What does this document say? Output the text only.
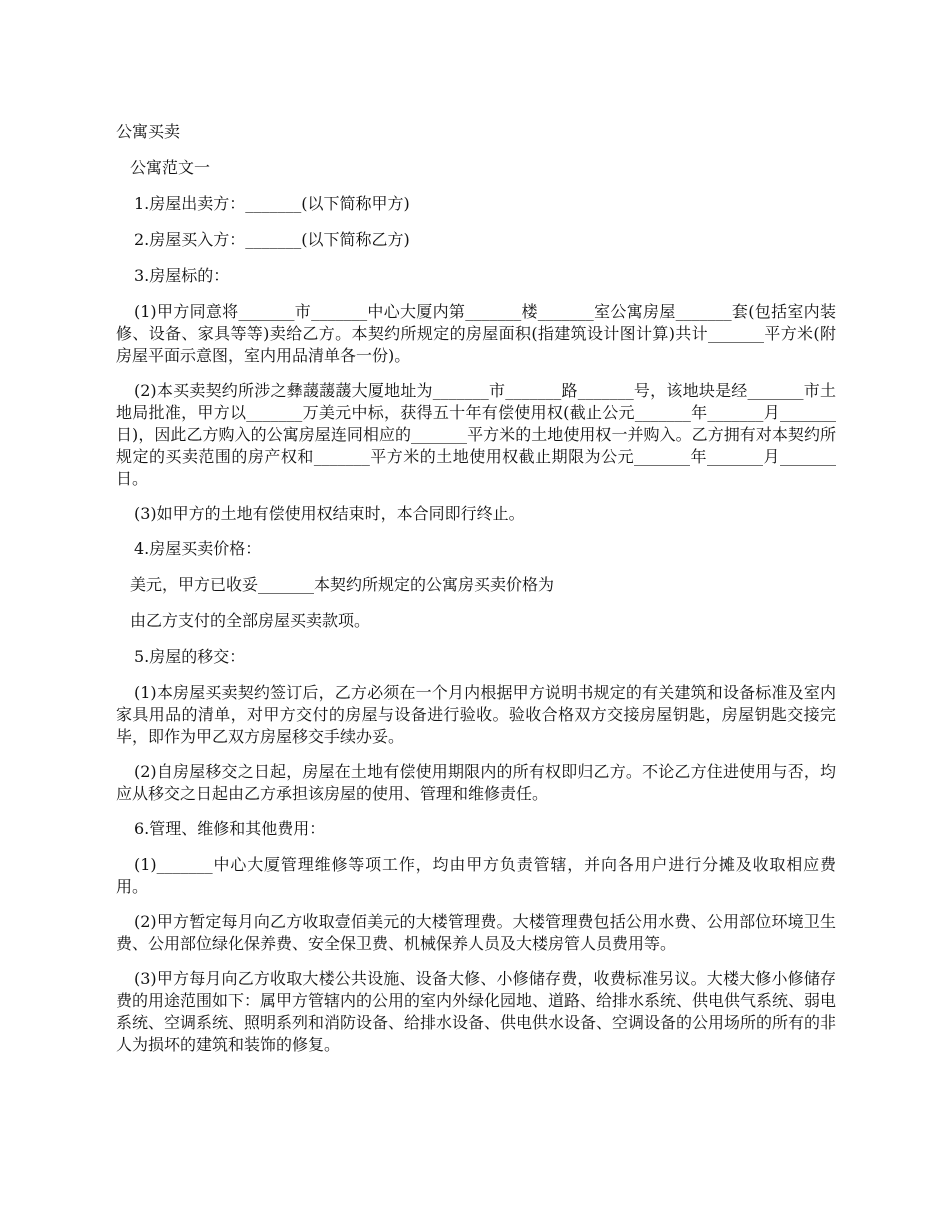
公寓买卖

公寓范文一

1.房屋出卖方：_______(以下简称甲方)

2.房屋买入方：_______(以下简称乙方)

3.房屋标的：

(1)甲方同意将_______市_______中心大厦内第_______楼_______室公寓房屋_______套(包括室内装修、设备、家具等等)卖给乙方。本契约所规定的房屋面积(指建筑设计图计算)共计_______平方米(附房屋平面示意图，室内用品清单各一份)。

(2)本买卖契约所涉之彝蘐蘐蘐大厦地址为_______市_______路_______号，该地块是经_______市土地局批准，甲方以_______万美元中标，获得五十年有偿使用权(截止公元_______年_______月_______日)，因此乙方购入的公寓房屋连同相应的_______平方米的土地使用权一并购入。乙方拥有对本契约所规定的买卖范围的房产权和_______平方米的土地使用权截止期限为公元_______年_______月_______日。

(3)如甲方的土地有偿使用权结束时，本合同即行终止。

4.房屋买卖价格：

美元，甲方已收妥_______本契约所规定的公寓房买卖价格为

由乙方支付的全部房屋买卖款项。

5.房屋的移交：

(1)本房屋买卖契约签订后，乙方必须在一个月内根据甲方说明书规定的有关建筑和设备标准及室内家具用品的清单，对甲方交付的房屋与设备进行验收。验收合格双方交接房屋钥匙，房屋钥匙交接完毕，即作为甲乙双方房屋移交手续办妥。

(2)自房屋移交之日起，房屋在土地有偿使用期限内的所有权即归乙方。不论乙方住进使用与否，均应从移交之日起由乙方承担该房屋的使用、管理和维修责任。

6.管理、维修和其他费用：

(1)_______中心大厦管理维修等项工作，均由甲方负责管辖，并向各用户进行分摊及收取相应费用。

(2)甲方暂定每月向乙方收取壹佰美元的大楼管理费。大楼管理费包括公用水费、公用部位环境卫生费、公用部位绿化保养费、安全保卫费、机械保养人员及大楼房管人员费用等。

(3)甲方每月向乙方收取大楼公共设施、设备大修、小修储存费，收费标准另议。大楼大修小修储存费的用途范围如下：属甲方管辖内的公用的室内外绿化园地、道路、给排水系统、供电供气系统、弱电系统、空调系统、照明系列和消防设备、给排水设备、供电供水设备、空调设备的公用场所的所有的非人为损坏的建筑和装饰的修复。
